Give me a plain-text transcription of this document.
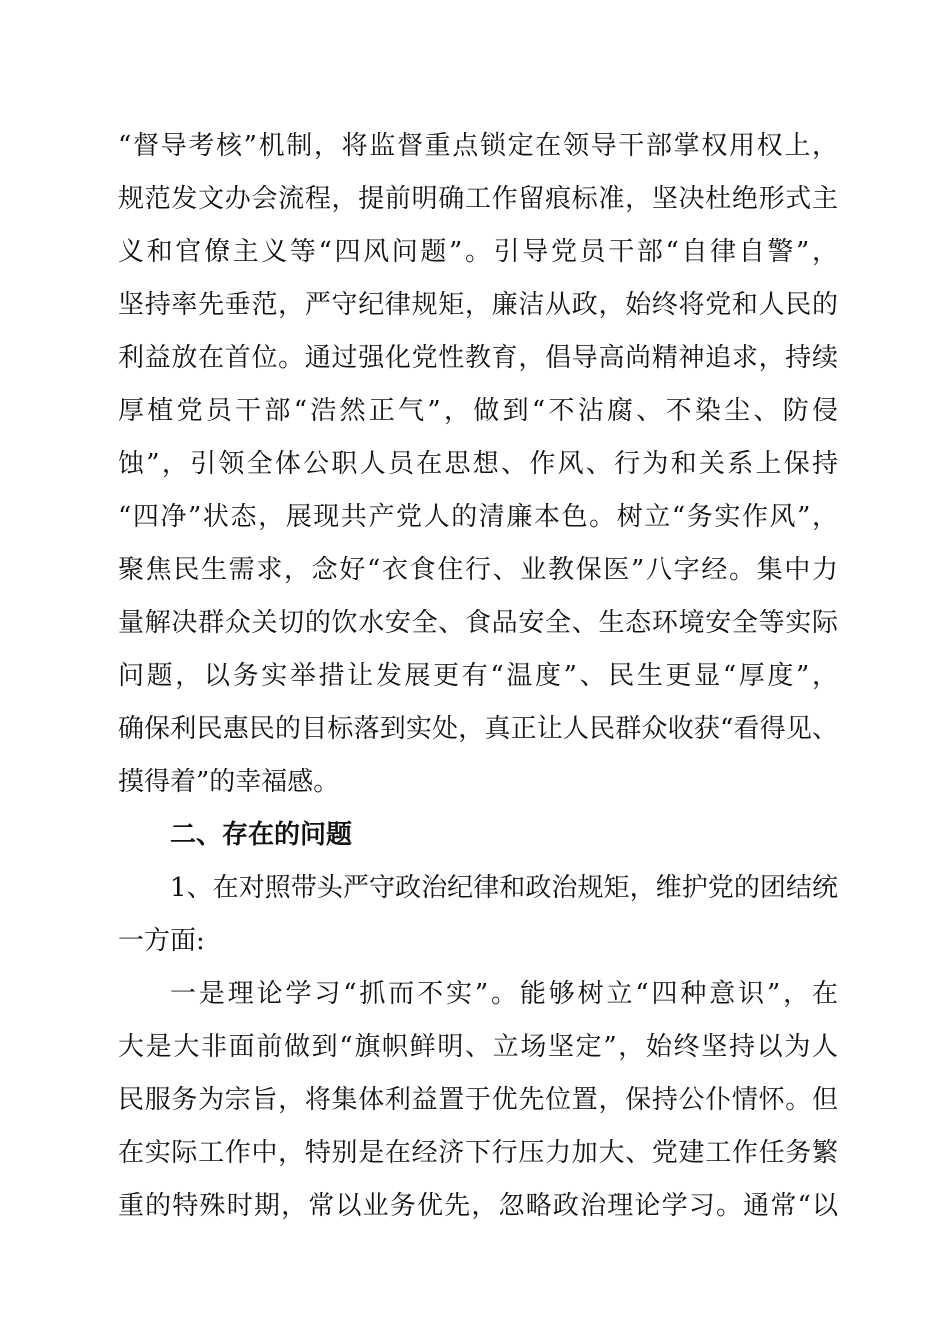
“督导考核”机制，将监督重点锁定在领导干部掌权用权上，
规范发文办会流程，提前明确工作留痕标准，坚决杜绝形式主
义和官僚主义等“四风问题”。引导党员干部“自律自警”，
坚持率先垂范，严守纪律规矩，廉洁从政，始终将党和人民的
利益放在首位。通过强化党性教育，倡导高尚精神追求，持续
厚植党员干部“浩然正气”，做到“不沾腐、不染尘、防侵
蚀”，引领全体公职人员在思想、作风、行为和关系上保持
“四净”状态，展现共产党人的清廉本色。树立“务实作风”，
聚焦民生需求，念好“衣食住行、业教保医”八字经。集中力
量解决群众关切的饮水安全、食品安全、生态环境安全等实际
问题，以务实举措让发展更有“温度”、民生更显“厚度”，
确保利民惠民的目标落到实处，真正让人民群众收获“看得见、
摸得着”的幸福感。
二、存在的问题
1、在对照带头严守政治纪律和政治规矩，维护党的团结统
一方面:
一是理论学习“抓而不实”。能够树立“四种意识”，在
大是大非面前做到“旗帜鲜明、立场坚定”，始终坚持以为人
民服务为宗旨，将集体利益置于优先位置，保持公仆情怀。但
在实际工作中，特别是在经济下行压力加大、党建工作任务繁
重的特殊时期，常以业务优先，忽略政治理论学习。通常“以
